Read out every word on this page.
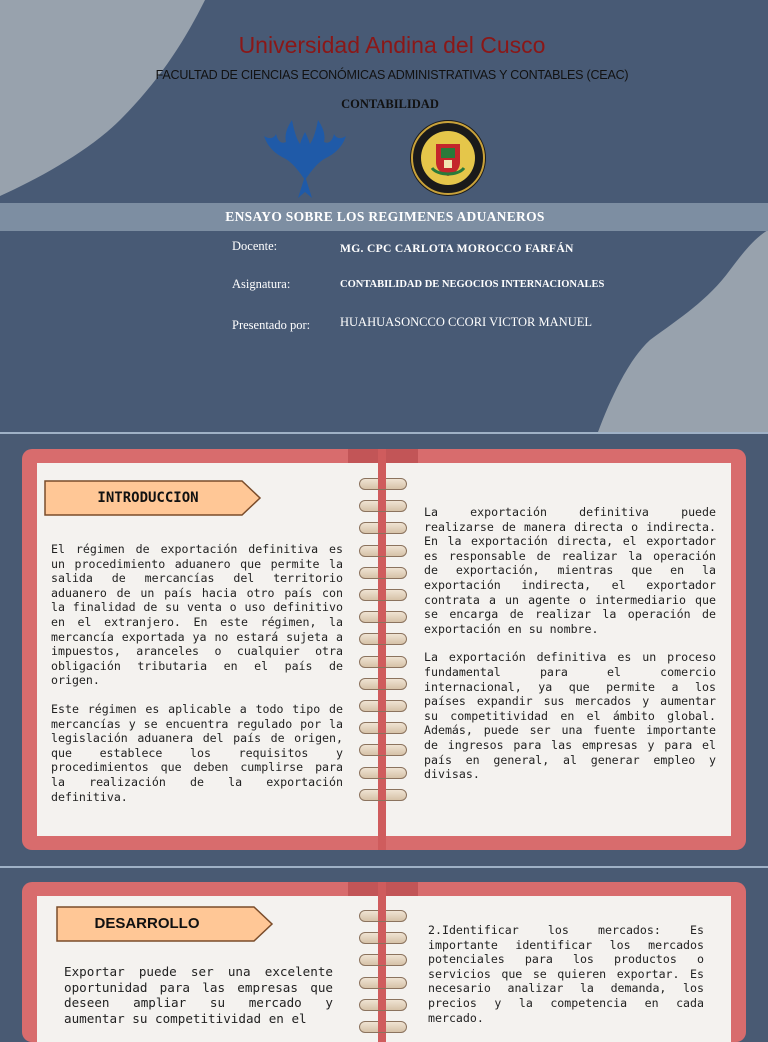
Universidad Andina del Cusco
FACULTAD DE CIENCIAS ECONÓMICAS ADMINISTRATIVAS Y CONTABLES (CEAC)
CONTABILIDAD
ENSAYO SOBRE LOS REGIMENES ADUANEROS
Docente:	MG. CPC CARLOTA MOROCCO FARFÁN
Asignatura:	CONTABILIDAD DE NEGOCIOS INTERNACIONALES
Presentado por: HUAHUASONCCO CCORI VICTOR MANUEL
INTRODUCCION

El régimen de exportación definitiva es un procedimiento aduanero que permite la salida de mercancías del territorio aduanero de un país hacia otro país con la finalidad de su venta o uso definitivo en el extranjero. En este régimen, la mercancía exportada ya no estará sujeta a impuestos, aranceles o cualquier otra obligación tributaria en el país de origen.

Este régimen es aplicable a todo tipo de mercancías y se encuentra regulado por la legislación aduanera del país de origen, que establece los requisitos y procedimientos que deben cumplirse para la realización de la exportación definitiva.

La exportación definitiva puede realizarse de manera directa o indirecta. En la exportación directa, el exportador es responsable de realizar la operación de exportación, mientras que en la exportación indirecta, el exportador contrata a un agente o intermediario que se encarga de realizar la operación de exportación en su nombre.

La exportación definitiva es un proceso fundamental para el comercio internacional, ya que permite a los países expandir sus mercados y aumentar su competitividad en el ámbito global. Además, puede ser una fuente importante de ingresos para las empresas y para el país en general, al generar empleo y divisas.

DESARROLLO

Exportar puede ser una excelente oportunidad para las empresas que deseen ampliar su mercado y aumentar su competitividad en el

2.Identificar los mercados: Es importante identificar los mercados potenciales para los productos o servicios que se quieren exportar. Es necesario analizar la demanda, los precios y la competencia en cada mercado.
